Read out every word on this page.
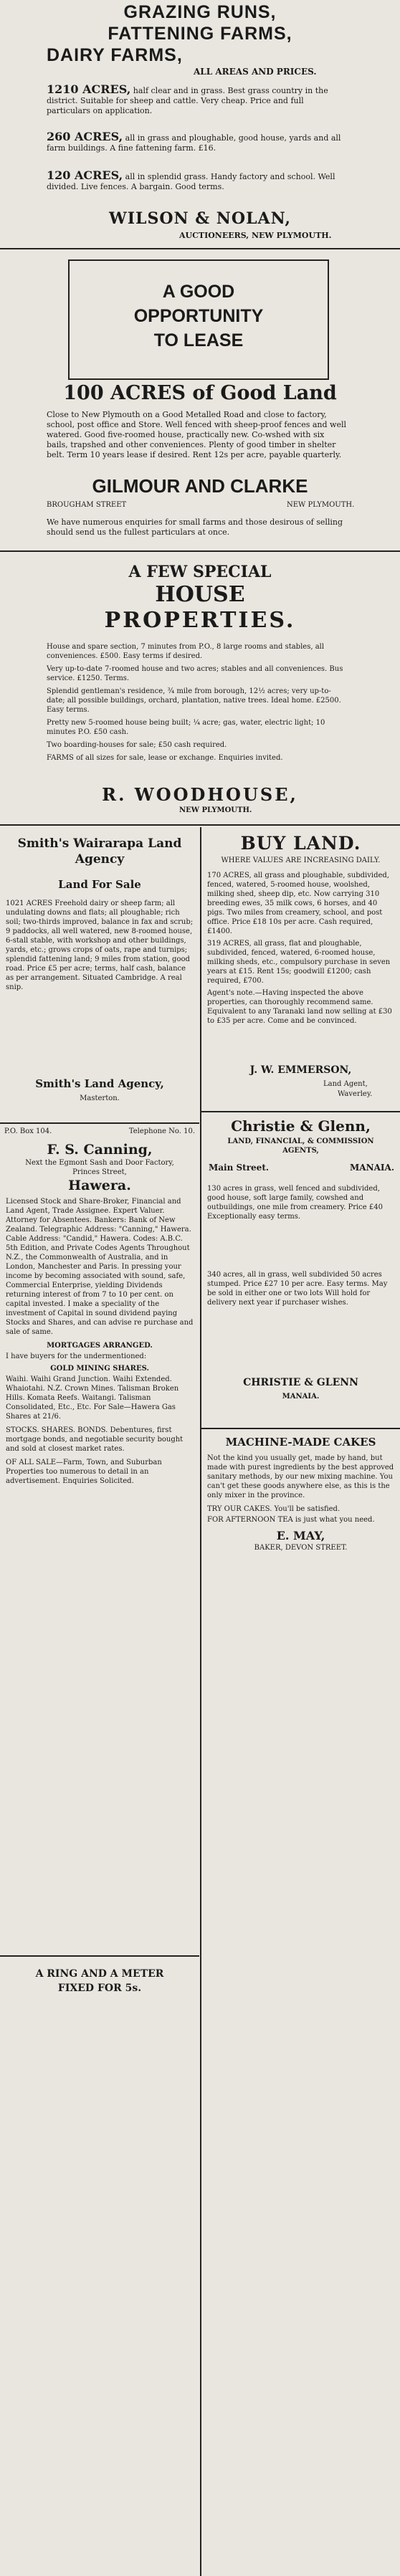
GRAZING RUNS,

FATTENING FARMS,

DAIRY FARMS,

ALL AREAS AND PRICES.

1210 ACRES, half clear and in grass. Best grass country in the district. Suitable for sheep and cattle. Very cheap. Price and full particulars on application.

260 ACRES, all in grass and ploughable, good house, yards and all farm buildings. A fine fattening farm. £16.

120 ACRES, all in splendid grass. Handy factory and school. Well divided. Live fences. A bargain. Good terms.

WILSON & NOLAN,

AUCTIONEERS, NEW PLYMOUTH.

A GOOD

OPPORTUNITY

TO LEASE

100 ACRES of Good Land

Close to New Plymouth on a Good Metalled Road and close to factory, school, post office and Store. Well fenced with sheep-proof fences and well watered. Good five-roomed house, practically new. Co-wshed with six bails, trapshed and other conveniences. Plenty of good timber in shelter belt. Term 10 years lease if desired. Rent 12s per acre, payable quarterly.

GILMOUR AND CLARKE

BROUGHAM STREET	NEW PLYMOUTH.

We have numerous enquiries for small farms and those desirous of selling should send us the fullest particulars at once.

A FEW SPECIAL

HOUSE

PROPERTIES.

House and spare section, 7 minutes from P.O., 8 large rooms and stables, all conveniences. £500. Easy terms if desired.

Very up-to-date 7-roomed house and two acres; stables and all conveniences. Bus service. £1250. Terms.

Splendid gentleman's residence, ¾ mile from borough, 12½ acres; very up-to-date; all possible buildings, orchard, plantation, native trees. Ideal home. £2500. Easy terms.

Pretty new 5-roomed house being built; ¼ acre; gas, water, electric light; 10 minutes P.O. £50 cash.

Two boarding-houses for sale; £50 cash required.

FARMS of all sizes for sale, lease or exchange. Enquiries invited.

R. WOODHOUSE,

NEW PLYMOUTH.

Smith's Wairarapa Land Agency

Land For Sale

1021 ACRES Freehold dairy or sheep farm; all undulating downs and flats; all ploughable; rich soil; two-thirds improved, balance in fax and scrub; 9 paddocks, all well watered, new 8-roomed house, 6-stall stable, with workshop and other buildings, yards, etc.; grows crops of oats, rape and turnips; splendid fattening land; 9 miles from station, good road. Price £5 per acre; terms, half cash, balance as per arrangement. Situated Cambridge. A real snip.

Smith's Land Agency,

Masterton.

P.O. Box 104.	Telephone No. 10.

F. S. Canning,

Next the Egmont Sash and Door Factory,

Princes Street,

Hawera.

Licensed Stock and Share-Broker, Financial and Land Agent, Trade Assignee. Expert Valuer. Attorney for Absentees. Bankers: Bank of New Zealand. Telegraphic Address: "Canning," Hawera. Cable Address: "Candid," Hawera. Codes: A.B.C. 5th Edition, and Private Codes Agents Throughout N.Z., the Commonwealth of Australia, and in London, Manchester and Paris. In pressing your income by becoming associated with sound, safe, Commercial Enterprise, yielding Dividends returning interest of from 7 to 10 per cent. on capital invested. I make a speciality of the investment of Capital in sound dividend paying Stocks and Shares, and can advise re purchase and sale of same.

MORTGAGES ARRANGED.

I have buyers for the undermentioned:

GOLD MINING SHARES.

Waihi. Waihi Grand Junction. Waihi Extended. Whaiotahi. N.Z. Crown Mines. Talisman Broken Hills. Komata Reefs. Waitangi. Talisman Consolidated, Etc., Etc. For Sale—Hawera Gas Shares at 21/6.

STOCKS. SHARES. BONDS. Debentures, first mortgage bonds, and negotiable security bought and sold at closest market rates.

OF ALL SALE—Farm, Town, and Suburban Properties too numerous to detail in an advertisement. Enquiries Solicited.

A RING AND A METER

FIXED FOR 5s.

BUY LAND.

WHERE VALUES ARE INCREASING DAILY.

170 ACRES, all grass and ploughable, subdivided, fenced, watered, 5-roomed house, woolshed, milking shed, sheep dip, etc. Now carrying 310 breeding ewes, 35 milk cows, 6 horses, and 40 pigs. Two miles from creamery, school, and post office. Price £18 10s per acre. Cash required, £1400.

319 ACRES, all grass, flat and ploughable, subdivided, fenced, watered, 6-roomed house, milking sheds, etc., compulsory purchase in seven years at £15. Rent 15s; goodwill £1200; cash required, £700.

Agent's note.—Having inspected the above properties, can thoroughly recommend same. Equivalent to any Taranaki land now selling at £30 to £35 per acre. Come and be convinced.

J. W. EMMERSON,

Land Agent,

Waverley.

Christie & Glenn,

LAND, FINANCIAL, & COMMISSION AGENTS,

Main Street.	MANAIA.

130 acres in grass, well fenced and subdivided, good house, soft large family, cowshed and outbuildings, one mile from creamery. Price £40 Exceptionally easy terms.

340 acres, all in grass, well subdivided 50 acres stumped. Price £27 10 per acre. Easy terms. May be sold in either one or two lots Will hold for delivery next year if purchaser wishes.

CHRISTIE & GLENN

MANAIA.

MACHINE-MADE CAKES

Not the kind you usually get, made by hand, but made with purest ingredients by the best approved sanitary methods, by our new mixing machine. You can't get these goods anywhere else, as this is the only mixer in the province.

TRY OUR CAKES. You'll be satisfied.

FOR AFTERNOON TEA is just what you need.

E. MAY,

BAKER, DEVON STREET.
